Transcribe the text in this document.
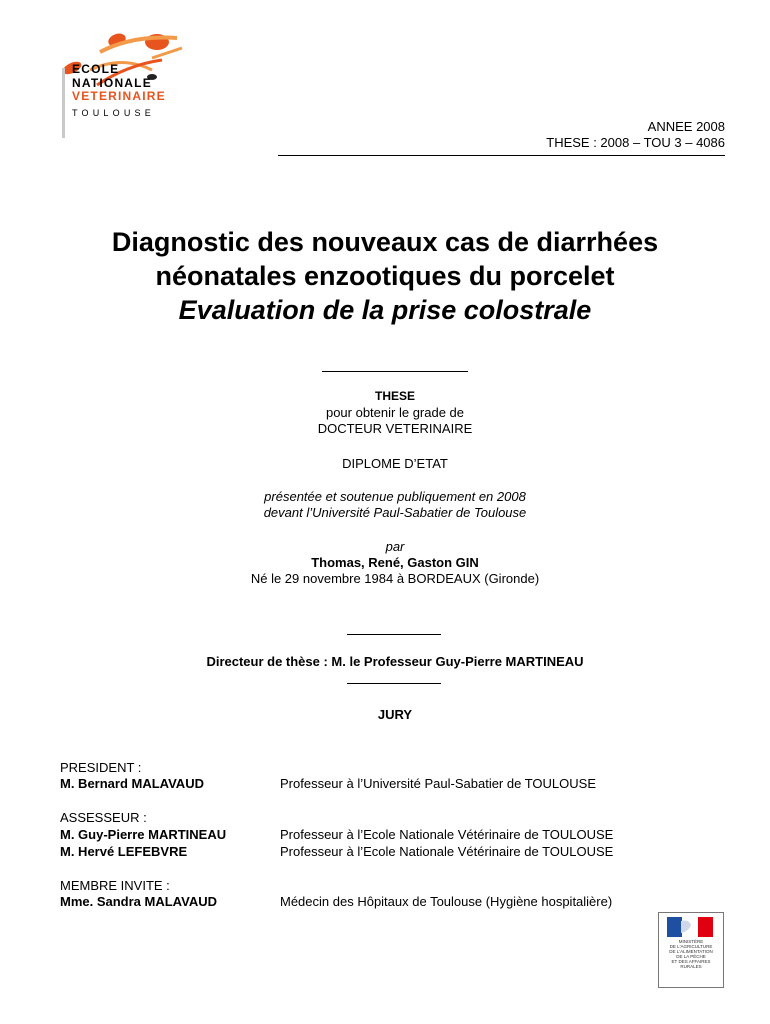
ECOLE
NATIONALE
VETERINAIRE
TOULOUSE
ANNEE 2008
THESE : 2008 – TOU 3 – 4086
Diagnostic des nouveaux cas de diarrhées
néonatales enzootiques du porcelet
Evaluation de la prise colostrale
THESE
pour obtenir le grade de
DOCTEUR VETERINAIRE
DIPLOME D’ETAT
présentée et soutenue publiquement en 2008
devant l’Université Paul-Sabatier de Toulouse
par
Thomas, René, Gaston GIN
Né le 29 novembre 1984 à BORDEAUX (Gironde)
Directeur de thèse : M. le Professeur Guy-Pierre MARTINEAU
JURY
PRESIDENT :
M. Bernard MALAVAUD	Professeur à l’Université Paul-Sabatier de TOULOUSE
ASSESSEUR :
M. Guy-Pierre MARTINEAU	Professeur à l’Ecole Nationale Vétérinaire de TOULOUSE
M. Hervé LEFEBVRE	Professeur à l’Ecole Nationale Vétérinaire de TOULOUSE
MEMBRE INVITE :
Mme. Sandra MALAVAUD	Médecin des Hôpitaux de Toulouse (Hygiène hospitalière)
MINISTÈRE
DE L'AGRICULTURE
DE L'ALIMENTATION
DE LA PÊCHE
ET DES AFFAIRES RURALES
